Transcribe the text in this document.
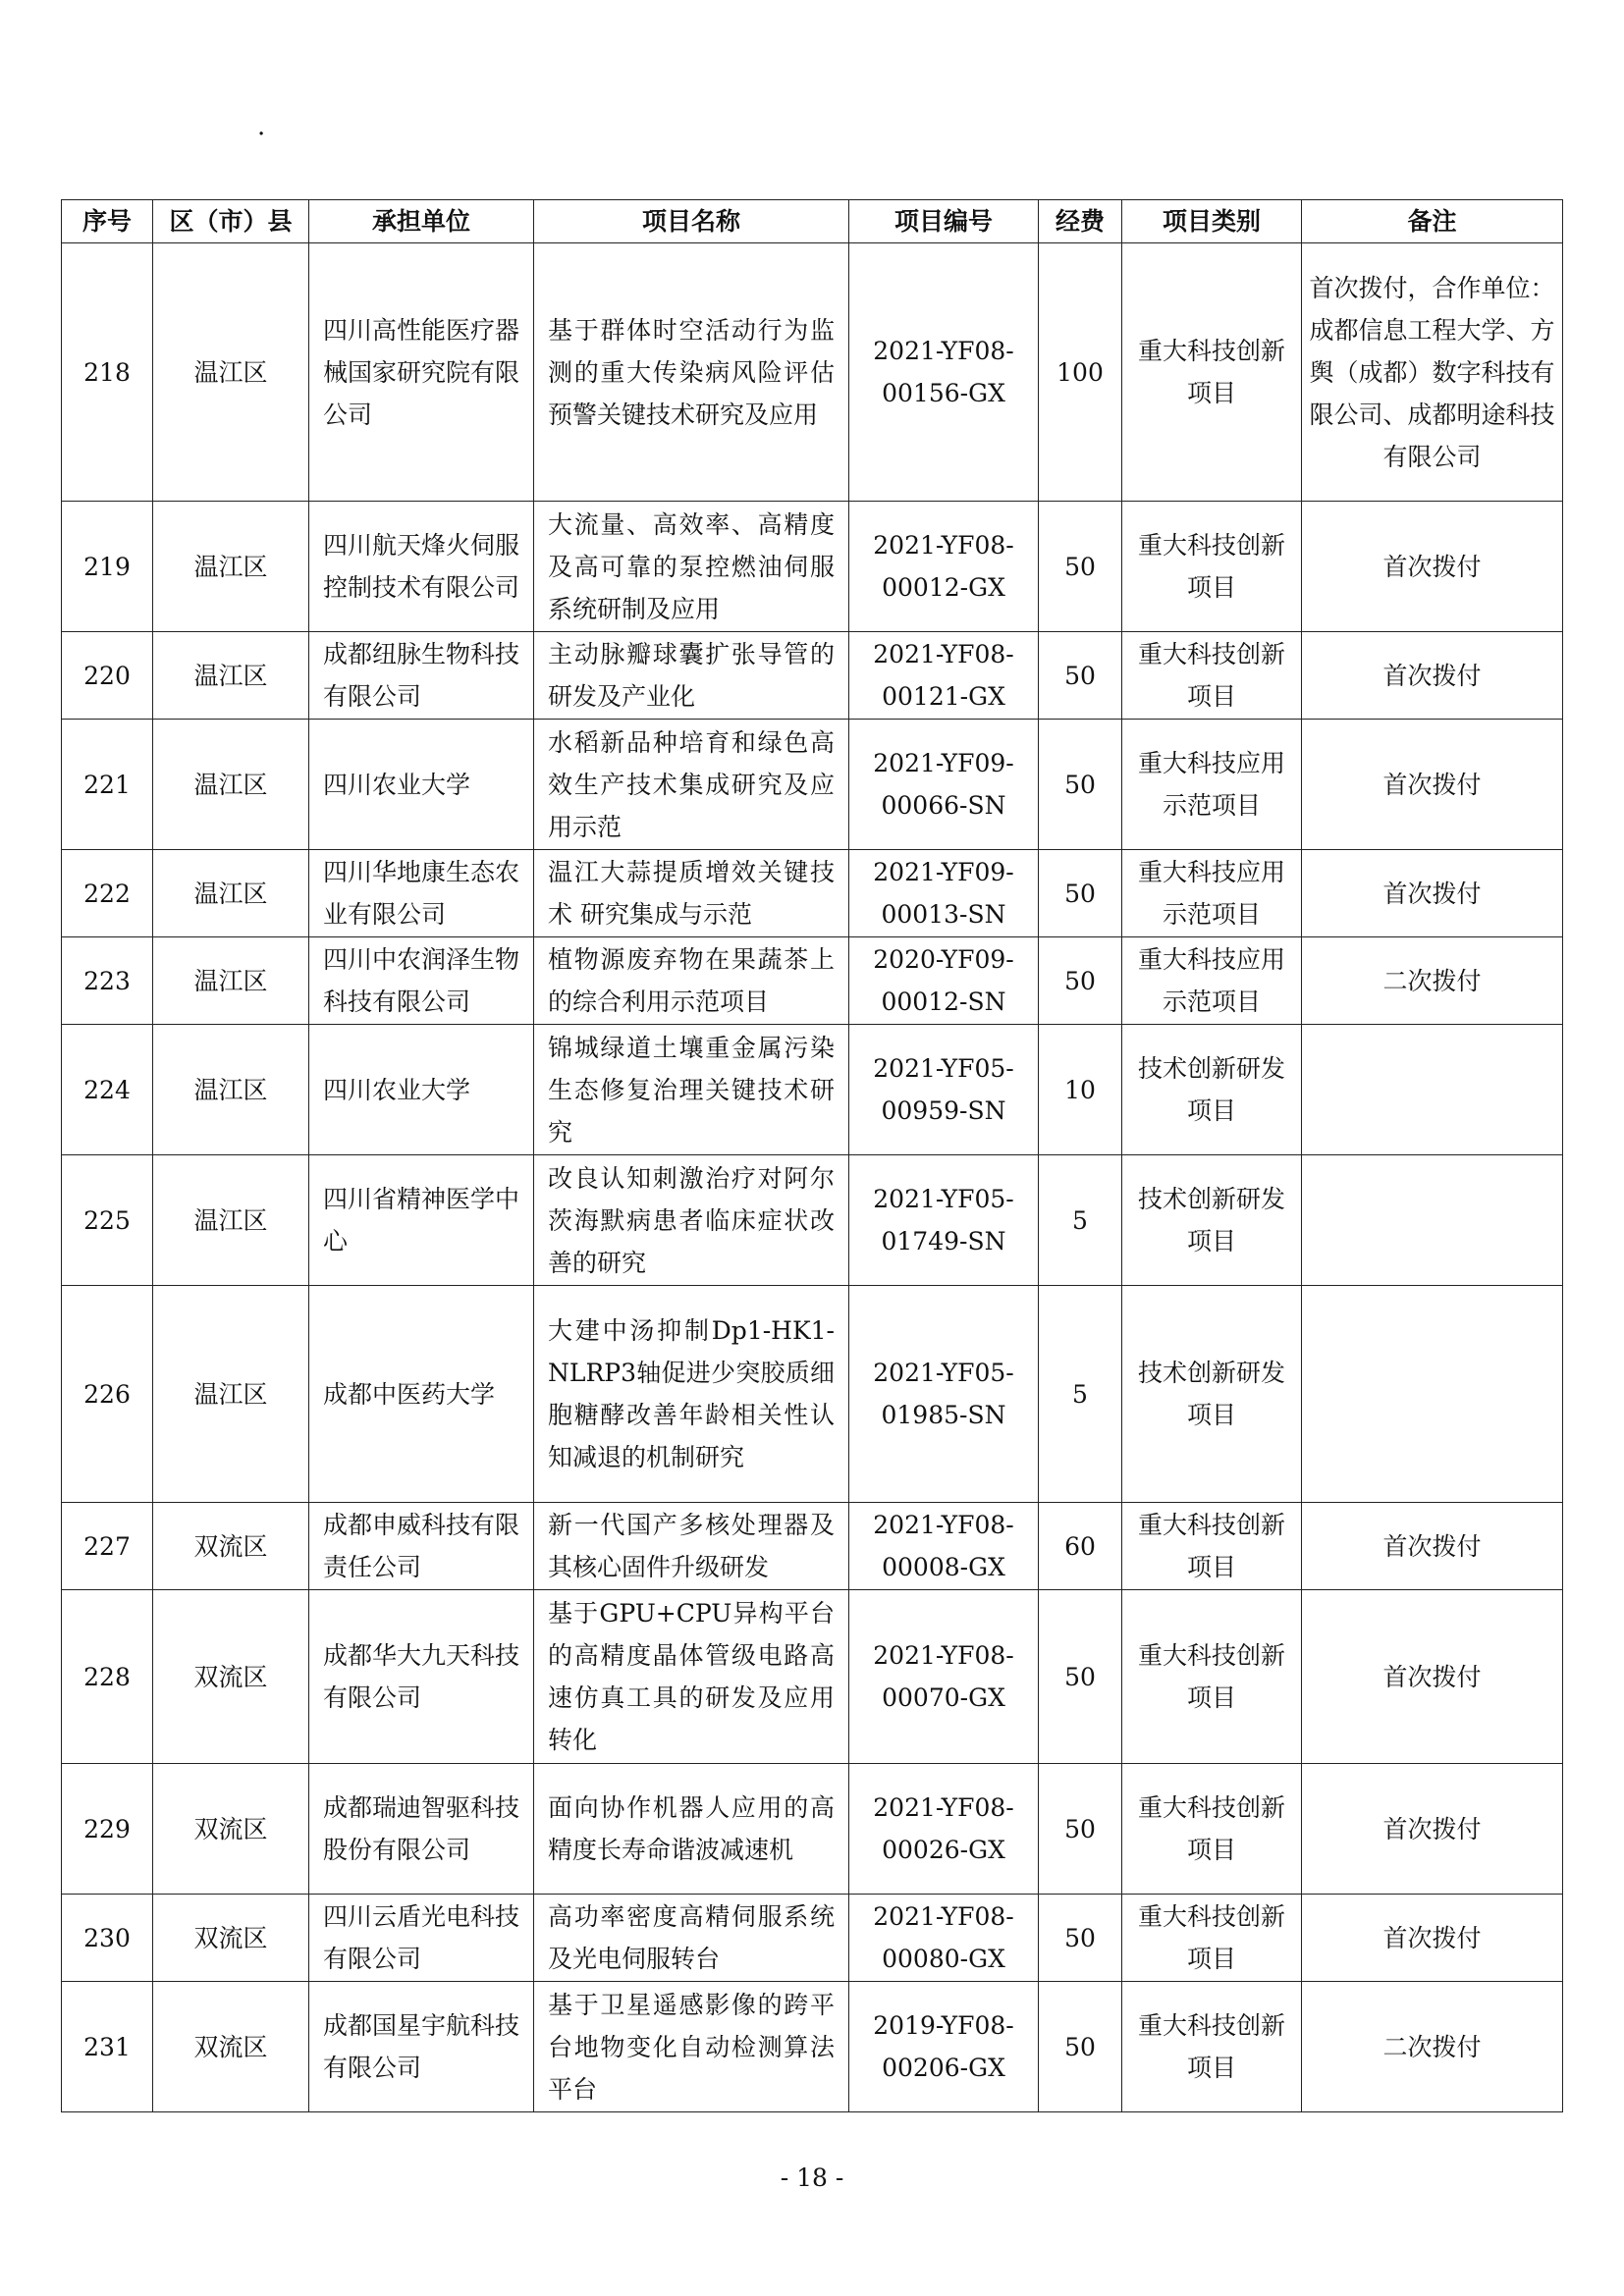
·
序号	区（市）县	承担单位	项目名称	项目编号	经费	项目类别	备注
218	温江区	四川高性能医疗器械国家研究院有限公司	基于群体时空活动行为监测的重大传染病风险评估预警关键技术研究及应用	2021-YF08-00156-GX	100	重大科技创新项目	首次拨付，合作单位：成都信息工程大学、方舆（成都）数字科技有限公司、成都明途科技有限公司
219	温江区	四川航天烽火伺服控制技术有限公司	大流量、高效率、高精度及高可靠的泵控燃油伺服系统研制及应用	2021-YF08-00012-GX	50	重大科技创新项目	首次拨付
220	温江区	成都纽脉生物科技有限公司	主动脉瓣球囊扩张导管的研发及产业化	2021-YF08-00121-GX	50	重大科技创新项目	首次拨付
221	温江区	四川农业大学	水稻新品种培育和绿色高效生产技术集成研究及应用示范	2021-YF09-00066-SN	50	重大科技应用示范项目	首次拨付
222	温江区	四川华地康生态农业有限公司	温江大蒜提质增效关键技术 研究集成与示范	2021-YF09-00013-SN	50	重大科技应用示范项目	首次拨付
223	温江区	四川中农润泽生物科技有限公司	植物源废弃物在果蔬茶上的综合利用示范项目	2020-YF09-00012-SN	50	重大科技应用示范项目	二次拨付
224	温江区	四川农业大学	锦城绿道土壤重金属污染生态修复治理关键技术研究	2021-YF05-00959-SN	10	技术创新研发项目	
225	温江区	四川省精神医学中心	改良认知刺激治疗对阿尔茨海默病患者临床症状改善的研究	2021-YF05-01749-SN	5	技术创新研发项目	
226	温江区	成都中医药大学	大建中汤抑制Dp1-HK1-NLRP3轴促进少突胶质细胞糖酵改善年龄相关性认知减退的机制研究	2021-YF05-01985-SN	5	技术创新研发项目	
227	双流区	成都申威科技有限责任公司	新一代国产多核处理器及其核心固件升级研发	2021-YF08-00008-GX	60	重大科技创新项目	首次拨付
228	双流区	成都华大九天科技有限公司	基于GPU+CPU异构平台的高精度晶体管级电路高速仿真工具的研发及应用转化	2021-YF08-00070-GX	50	重大科技创新项目	首次拨付
229	双流区	成都瑞迪智驱科技股份有限公司	面向协作机器人应用的高精度长寿命谐波减速机	2021-YF08-00026-GX	50	重大科技创新项目	首次拨付
230	双流区	四川云盾光电科技有限公司	高功率密度高精伺服系统及光电伺服转台	2021-YF08-00080-GX	50	重大科技创新项目	首次拨付
231	双流区	成都国星宇航科技有限公司	基于卫星遥感影像的跨平台地物变化自动检测算法平台	2019-YF08-00206-GX	50	重大科技创新项目	二次拨付
- 18 -
